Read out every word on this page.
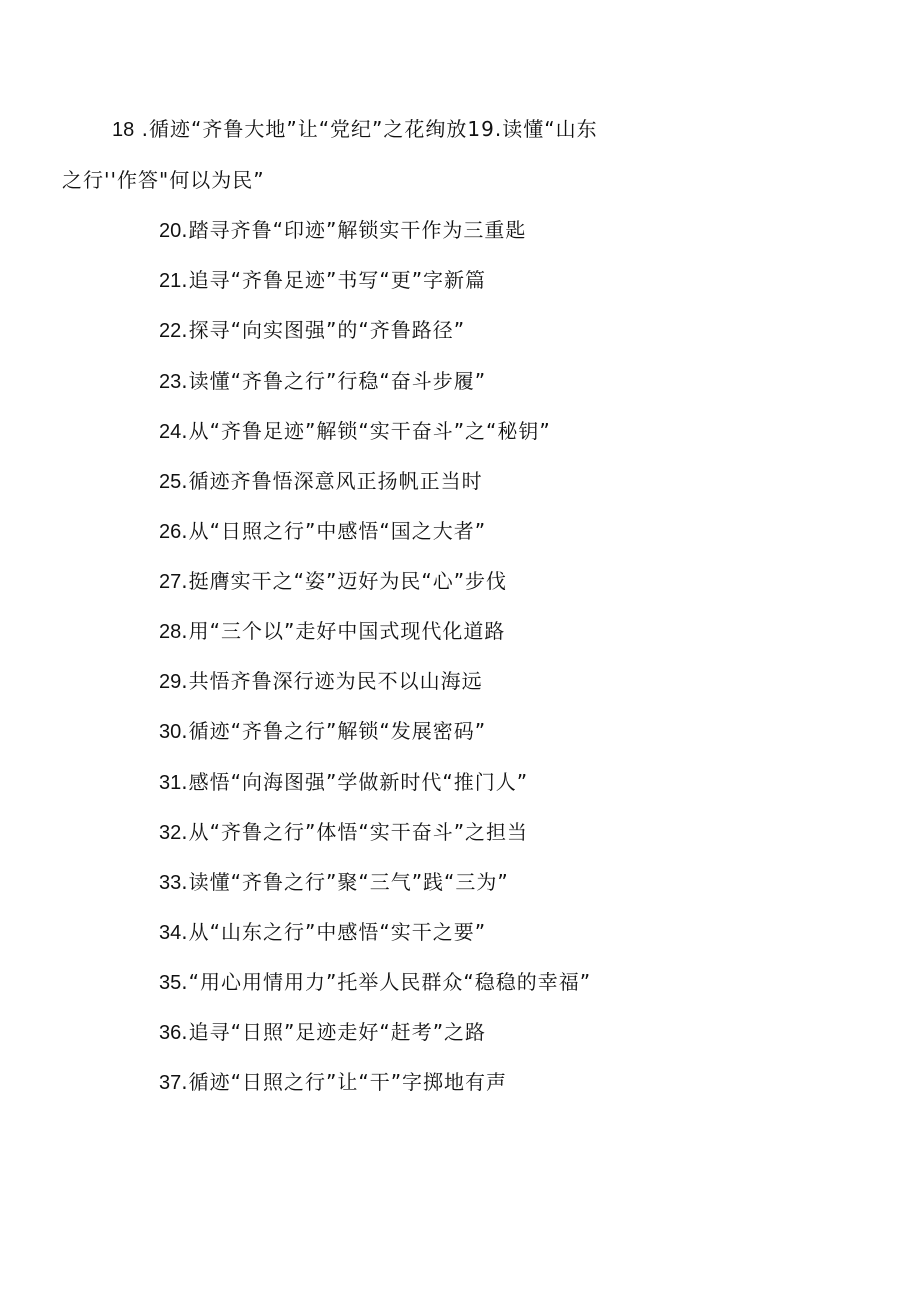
18 .循迹“齐鲁大地”让“党纪”之花绚放19.读懂“山东
之行''作答"何以为民”
20.踏寻齐鲁“印迹”解锁实干作为三重匙
21.追寻“齐鲁足迹”书写“更”字新篇
22.探寻“向实图强”的“齐鲁路径”
23.读懂“齐鲁之行”行稳“奋斗步履”
24.从“齐鲁足迹”解锁“实干奋斗”之“秘钥”
25.循迹齐鲁悟深意风正扬帆正当时
26.从“日照之行”中感悟“国之大者”
27.挺膺实干之“姿”迈好为民“心”步伐
28.用“三个以”走好中国式现代化道路
29.共悟齐鲁深行迹为民不以山海远
30.循迹“齐鲁之行”解锁“发展密码”
31.感悟“向海图强”学做新时代“推门人”
32.从“齐鲁之行”体悟“实干奋斗”之担当
33.读懂“齐鲁之行”聚“三气”践“三为”
34.从“山东之行”中感悟“实干之要”
35.“用心用情用力”托举人民群众“稳稳的幸福”
36.追寻“日照”足迹走好“赶考”之路
37.循迹“日照之行”让“干”字掷地有声
